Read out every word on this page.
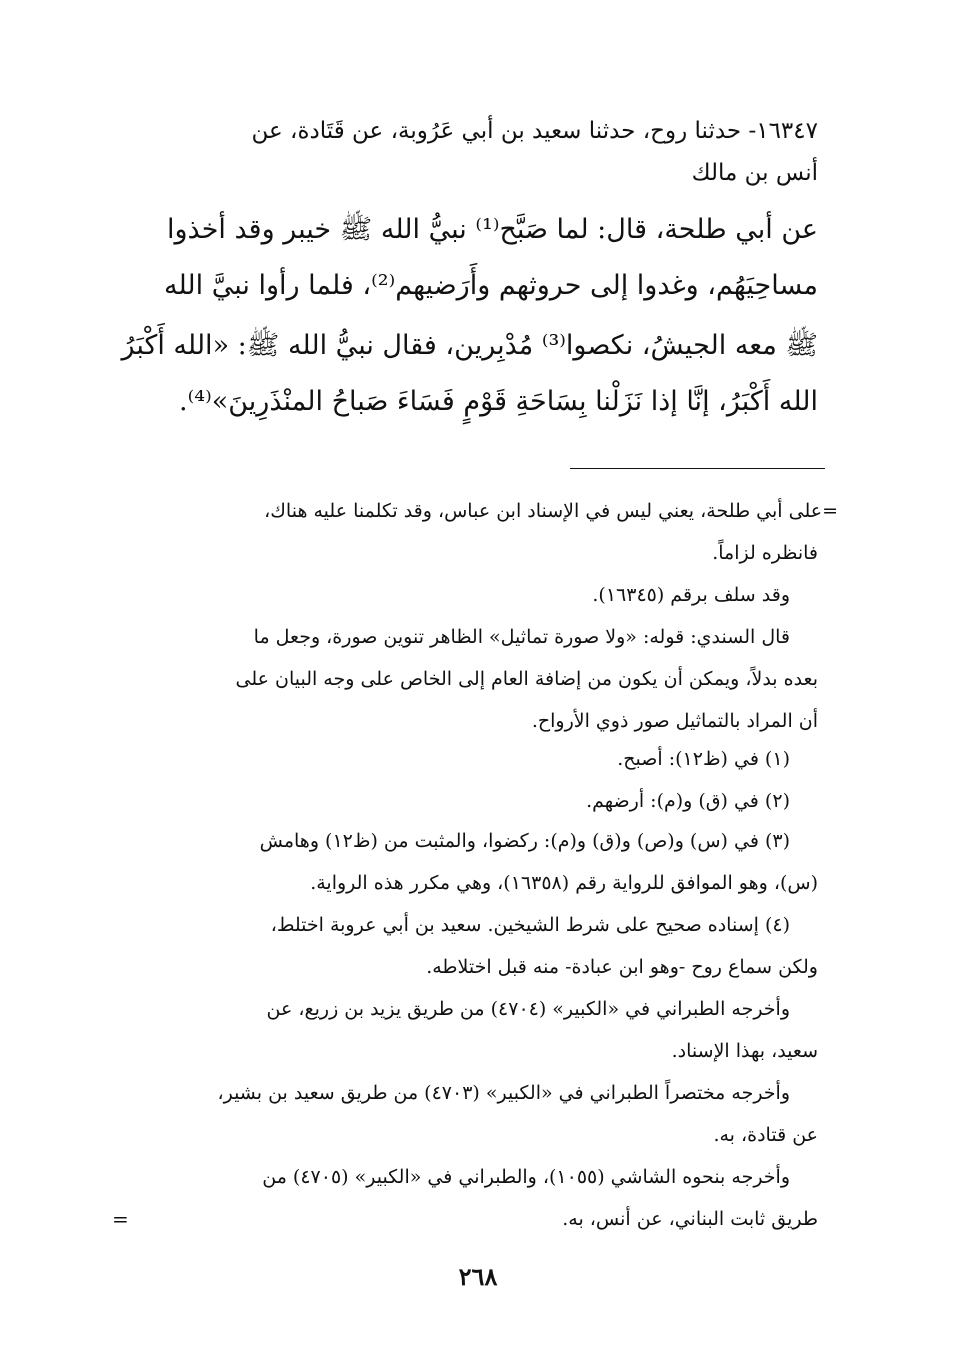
١٦٣٤٧- حدثنا روح، حدثنا سعيد بن أبي عَرُوبة، عن قَتَادة، عن
أنس بن مالك
عن أبي طلحة، قال: لما صَبَّح⁽¹⁾ نبيُّ الله ﷺ خيبر وقد أخذوا
مساحِيَهُم، وغدوا إلى حروثهم وأَرَضيهم⁽²⁾، فلما رأوا نبيَّ الله
ﷺ معه الجيشُ، نكصوا⁽³⁾ مُدْبِرين، فقال نبيُّ الله ﷺ: «الله أَكْبَرُ
الله أَكْبَرُ، إنَّا إذا نَزَلْنا بِسَاحَةِ قَوْمٍ فَسَاءَ صَباحُ المنْذَرِينَ»⁽⁴⁾.
=على أبي طلحة، يعني ليس في الإسناد ابن عباس، وقد تكلمنا عليه هناك،
فانظره لزاماً.
وقد سلف برقم (١٦٣٤٥).
قال السندي: قوله: «ولا صورة تماثيل» الظاهر تنوين صورة، وجعل ما
بعده بدلاً، ويمكن أن يكون من إضافة العام إلى الخاص على وجه البيان على
أن المراد بالتماثيل صور ذوي الأرواح.
(١) في (ظ١٢): أصبح.
(٢) في (ق) و(م): أرضهم.
(٣) في (س) و(ص) و(ق) و(م): ركضوا، والمثبت من (ظ١٢) وهامش
(س)، وهو الموافق للرواية رقم (١٦٣٥٨)، وهي مكرر هذه الرواية.
(٤) إسناده صحيح على شرط الشيخين. سعيد بن أبي عروبة اختلط،
ولكن سماع روح -وهو ابن عبادة- منه قبل اختلاطه.
وأخرجه الطبراني في «الكبير» (٤٧٠٤) من طريق يزيد بن زريع، عن
سعيد، بهذا الإسناد.
وأخرجه مختصراً الطبراني في «الكبير» (٤٧٠٣) من طريق سعيد بن بشير،
عن قتادة، به.
وأخرجه بنحوه الشاشي (١٠٥٥)، والطبراني في «الكبير» (٤٧٠٥) من
طريق ثابت البناني، عن أنس، به.
=
٢٦٨
